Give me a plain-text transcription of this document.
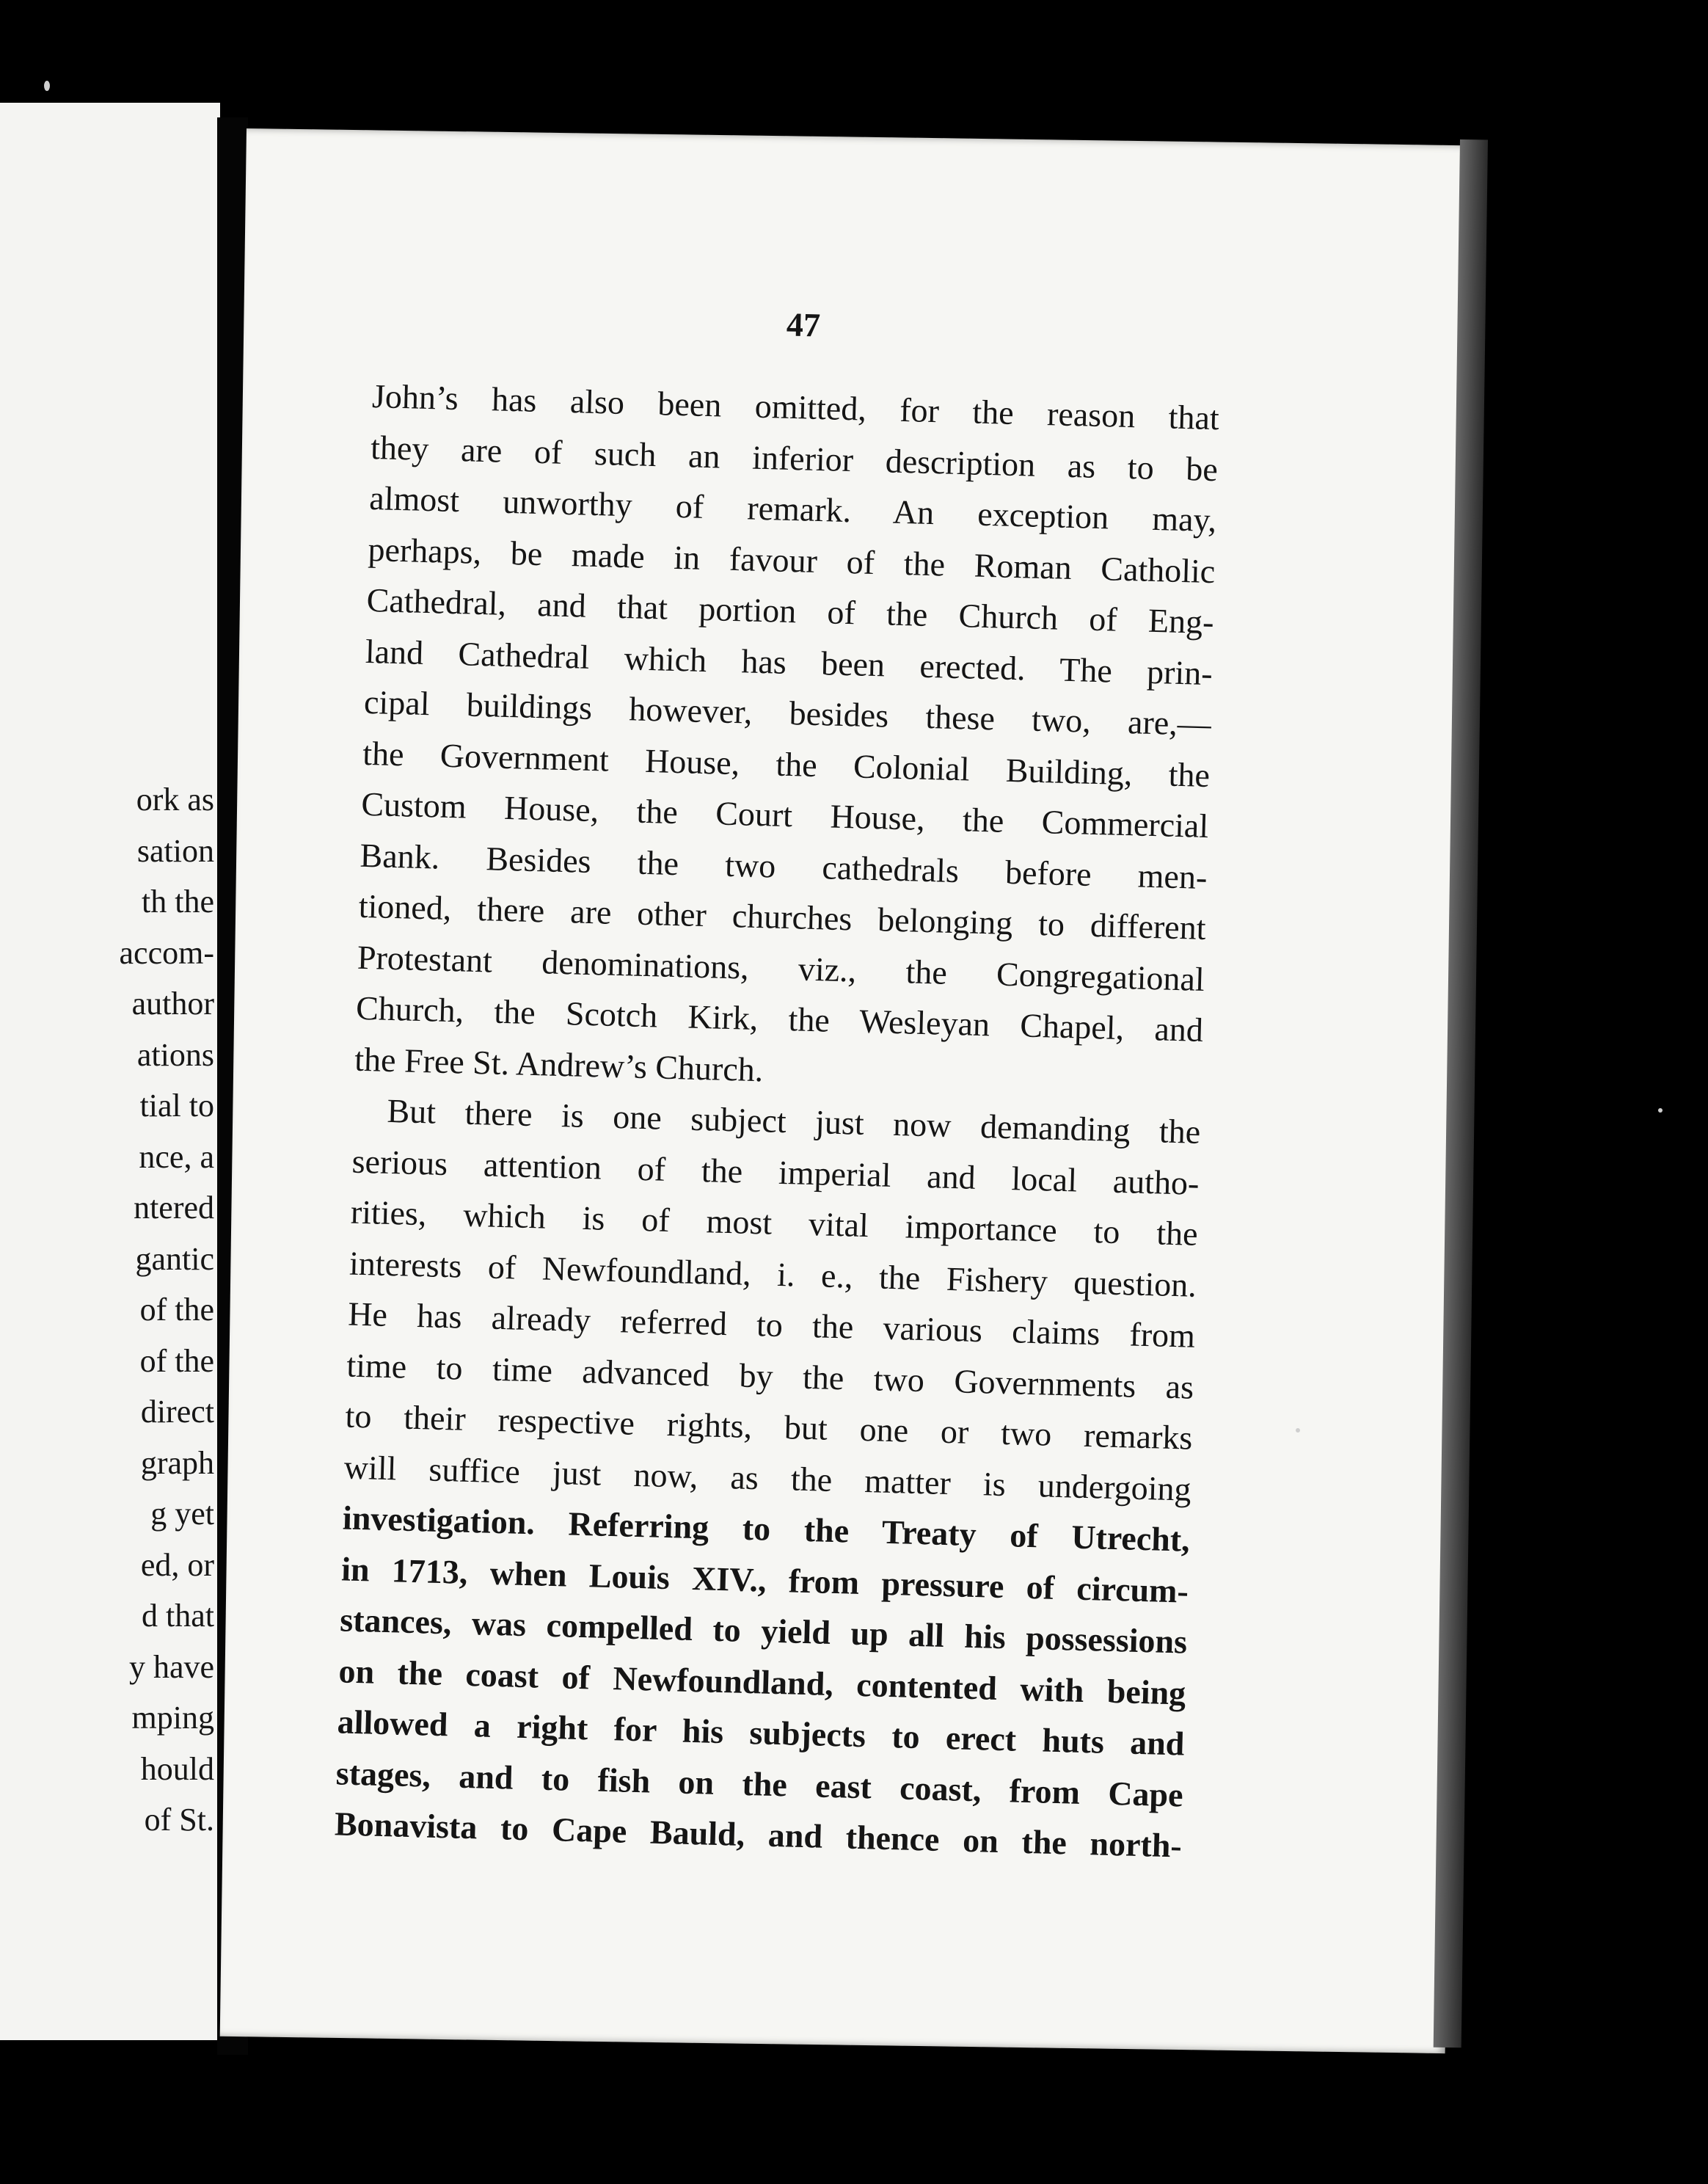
ork as
sation
th the
accom-
author
ations
tial to
nce, a
ntered
gantic
of the
of the
direct
graph
g yet
ed, or
d that
y have
mping
hould
of St.
47
John’s has also been omitted, for the reason that
they are of such an inferior description as to be
almost unworthy of remark. An exception may,
perhaps, be made in favour of the Roman Catholic
Cathedral, and that portion of the Church of Eng-
land Cathedral which has been erected. The prin-
cipal buildings however, besides these two, are,—
the Government House, the Colonial Building, the
Custom House, the Court House, the Commercial
Bank. Besides the two cathedrals before men-
tioned, there are other churches belonging to different
Protestant denominations, viz., the Congregational
Church, the Scotch Kirk, the Wesleyan Chapel, and
the Free St. Andrew’s Church.
But there is one subject just now demanding the
serious attention of the imperial and local autho-
rities, which is of most vital importance to the
interests of Newfoundland, i. e., the Fishery question.
He has already referred to the various claims from
time to time advanced by the two Governments as
to their respective rights, but one or two remarks
will suffice just now, as the matter is undergoing
investigation. Referring to the Treaty of Utrecht,
in 1713, when Louis XIV., from pressure of circum-
stances, was compelled to yield up all his possessions
on the coast of Newfoundland, contented with being
allowed a right for his subjects to erect huts and
stages, and to fish on the east coast, from Cape
Bonavista to Cape Bauld, and thence on the north-
